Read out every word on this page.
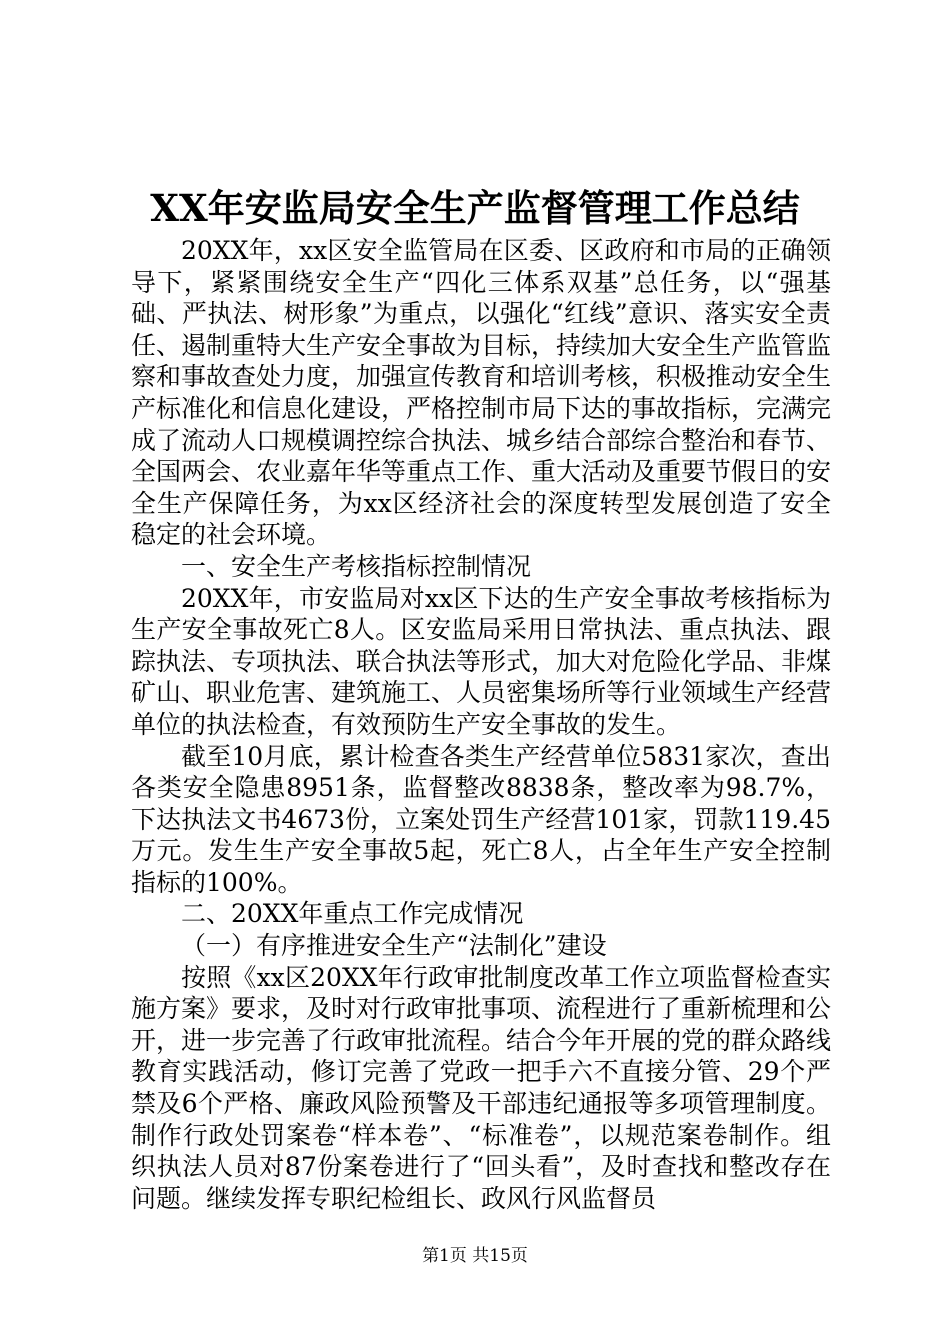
XX年安监局安全生产监督管理工作总结

20XX年，xx区安全监管局在区委、区政府和市局的正确领导下，紧紧围绕安全生产“四化三体系双基”总任务，以“强基础、严执法、树形象”为重点，以强化“红线”意识、落实安全责任、遏制重特大生产安全事故为目标，持续加大安全生产监管监察和事故查处力度，加强宣传教育和培训考核，积极推动安全生产标准化和信息化建设，严格控制市局下达的事故指标，完满完成了流动人口规模调控综合执法、城乡结合部综合整治和春节、全国两会、农业嘉年华等重点工作、重大活动及重要节假日的安全生产保障任务，为xx区经济社会的深度转型发展创造了安全稳定的社会环境。

一、安全生产考核指标控制情况

20XX年，市安监局对xx区下达的生产安全事故考核指标为生产安全事故死亡8人。区安监局采用日常执法、重点执法、跟踪执法、专项执法、联合执法等形式，加大对危险化学品、非煤矿山、职业危害、建筑施工、人员密集场所等行业领域生产经营单位的执法检查，有效预防生产安全事故的发生。

截至10月底，累计检查各类生产经营单位5831家次，查出各类安全隐患8951条，监督整改8838条，整改率为98.7%，下达执法文书4673份，立案处罚生产经营101家，罚款119.45万元。发生生产安全事故5起，死亡8人，占全年生产安全控制指标的100%。

二、20XX年重点工作完成情况

（一）有序推进安全生产“法制化”建设

按照《xx区20XX年行政审批制度改革工作立项监督检查实施方案》要求，及时对行政审批事项、流程进行了重新梳理和公开，进一步完善了行政审批流程。结合今年开展的党的群众路线教育实践活动，修订完善了党政一把手六不直接分管、29个严禁及6个严格、廉政风险预警及干部违纪通报等多项管理制度。制作行政处罚案卷“样本卷”、“标准卷”，以规范案卷制作。组织执法人员对87份案卷进行了“回头看”，及时查找和整改存在问题。继续发挥专职纪检组长、政风行风监督员

第1页 共15页
